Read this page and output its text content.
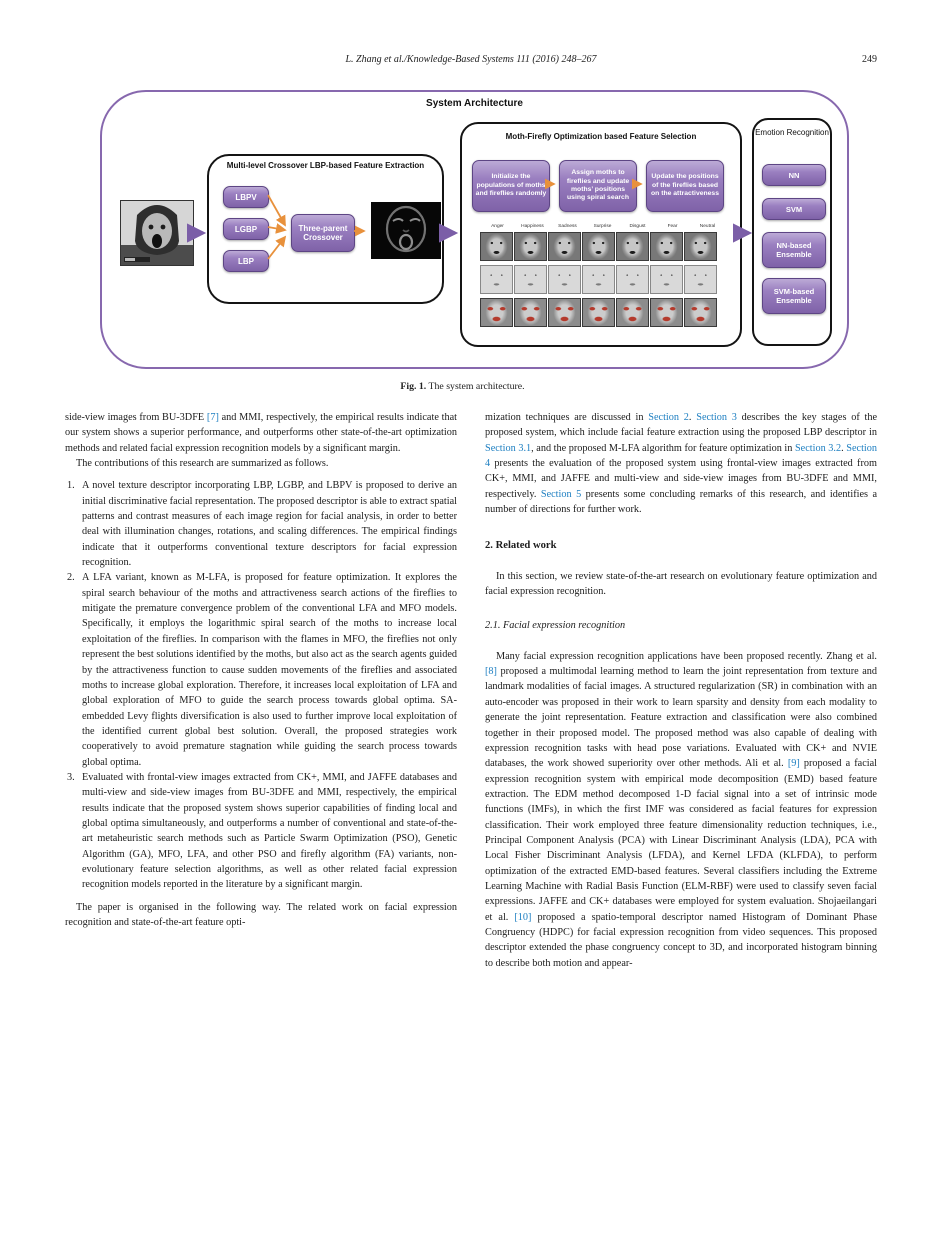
L. Zhang et al./Knowledge-Based Systems 111 (2016) 248–267	249
System Architecture
Multi-level Crossover LBP-based Feature Extraction
LBPV
LGBP
LBP
Three-parent Crossover
Moth-Firefly Optimization based Feature Selection
Initialize the populations of moths and fireflies randomly
Assign moths to fireflies and update moths’ positions using spiral search
Update the positions of the fireflies based on the attractiveness
Anger	Happiness	Sadness	Surprise	Disgust	Fear	Neutral
Emotion Recognition
NN
SVM
NN-based Ensemble
SVM-based Ensemble
Fig. 1. The system architecture.

side-view images from BU-3DFE [7] and MMI, respectively, the empirical results indicate that our system shows a superior performance, and outperforms other state-of-the-art optimization methods and related facial expression recognition models by a significant margin.

The contributions of this research are summarized as follows.

1. A novel texture descriptor incorporating LBP, LGBP, and LBPV is proposed to derive an initial discriminative facial representation. The proposed descriptor is able to extract spatial patterns and contrast measures of each image region for facial analysis, in order to better deal with illumination changes, rotations, and scaling differences. The empirical findings indicate that it outperforms conventional texture descriptors for facial expression recognition.
2. A LFA variant, known as M-LFA, is proposed for feature optimization. It explores the spiral search behaviour of the moths and attractiveness search actions of the fireflies to mitigate the premature convergence problem of the conventional LFA and MFO models. Specifically, it employs the logarithmic spiral search of the moths to increase local exploitation of the fireflies. In comparison with the flames in MFO, the fireflies not only represent the best solutions identified by the moths, but also act as the search agents guided by the attractiveness function to cause sudden movements of the fireflies and associated moths to increase global exploration. Therefore, it increases local exploitation of LFA and global exploration of MFO to guide the search process towards global optima. SA-embedded Levy flights diversification is also used to further improve local exploitation of the identified current global best solution. Overall, the proposed strategies work cooperatively to avoid premature stagnation while guiding the search process towards global optima.
3. Evaluated with frontal-view images extracted from CK+, MMI, and JAFFE databases and multi-view and side-view images from BU-3DFE and MMI, respectively, the empirical results indicate that the proposed system shows superior capabilities of finding local and global optima simultaneously, and outperforms a number of conventional and state-of-the-art metaheuristic search methods such as Particle Swarm Optimization (PSO), Genetic Algorithm (GA), MFO, LFA, and other PSO and firefly algorithm (FA) variants, non-evolutionary feature selection algorithms, as well as other related facial expression recognition models reported in the literature by a significant margin.

The paper is organised in the following way. The related work on facial expression recognition and state-of-the-art feature opti-

mization techniques are discussed in Section 2. Section 3 describes the key stages of the proposed system, which include facial feature extraction using the proposed LBP descriptor in Section 3.1, and the proposed M-LFA algorithm for feature optimization in Section 3.2. Section 4 presents the evaluation of the proposed system using frontal-view images extracted from CK+, MMI, and JAFFE and multi-view and side-view images from BU-3DFE and MMI, respectively. Section 5 presents some concluding remarks of this research, and identifies a number of directions for further work.

2. Related work

In this section, we review state-of-the-art research on evolutionary feature optimization and facial expression recognition.

2.1. Facial expression recognition

Many facial expression recognition applications have been proposed recently. Zhang et al. [8] proposed a multimodal learning method to learn the joint representation from texture and landmark modalities of facial images. A structured regularization (SR) in combination with an auto-encoder was proposed in their work to learn sparsity and density from each modality to generate the joint representation. Feature extraction and classification were also combined together in their proposed model. The proposed method was also capable of dealing with expression recognition tasks with head pose variations. Evaluated with CK+ and NVIE databases, the work showed superiority over other methods. Ali et al. [9] proposed a facial expression recognition system with empirical mode decomposition (EMD) based feature extraction. The EDM method decomposed 1-D facial signal into a set of intrinsic mode functions (IMFs), in which the first IMF was considered as facial features for expression classification. Their work employed three feature dimensionality reduction techniques, i.e., Principal Component Analysis (PCA) with Linear Discriminant Analysis (LDA), PCA with Local Fisher Discriminant Analysis (LFDA), and Kernel LFDA (KLFDA), to perform optimization of the extracted EMD-based features. Several classifiers including the Extreme Learning Machine with Radial Basis Function (ELM-RBF) were used to classify seven facial expressions. JAFFE and CK+ databases were employed for system evaluation. Shojaeilangari et al. [10] proposed a spatio-temporal descriptor named Histogram of Dominant Phase Congruency (HDPC) for facial expression recognition from video sequences. This proposed descriptor extended the phase congruency concept to 3D, and incorporated histogram binning to describe both motion and appear-
